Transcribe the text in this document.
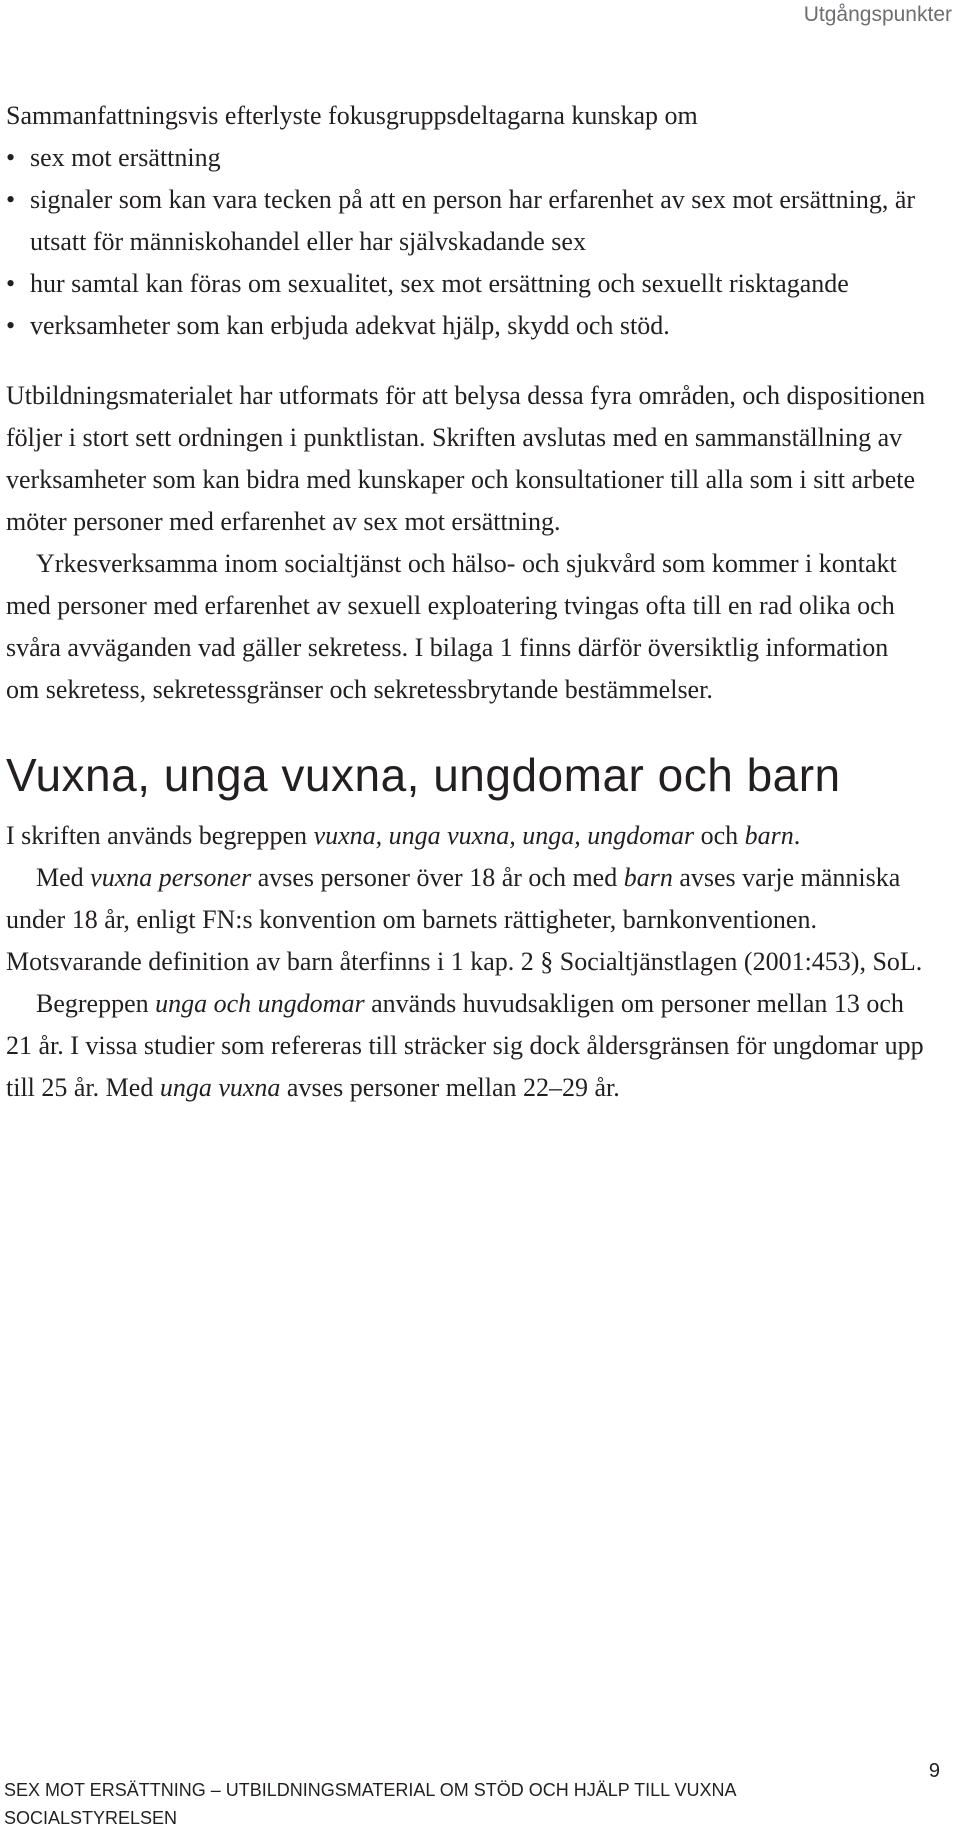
Utgångspunkter

Sammanfattningsvis efterlyste fokusgruppsdeltagarna kunskap om

• sex mot ersättning
• signaler som kan vara tecken på att en person har erfarenhet av sex mot ersättning, är utsatt för människohandel eller har självskadande sex
• hur samtal kan föras om sexualitet, sex mot ersättning och sexuellt risktagande
• verksamheter som kan erbjuda adekvat hjälp, skydd och stöd.

Utbildningsmaterialet har utformats för att belysa dessa fyra områden, och dispositionen följer i stort sett ordningen i punktlistan. Skriften avslutas med en sammanställning av verksamheter som kan bidra med kunskaper och konsultationer till alla som i sitt arbete möter personer med erfarenhet av sex mot ersättning.

Yrkesverksamma inom socialtjänst och hälso- och sjukvård som kommer i kontakt med personer med erfarenhet av sexuell exploatering tvingas ofta till en rad olika och svåra avväganden vad gäller sekretess. I bilaga 1 finns därför översiktlig information om sekretess, sekretessgränser och sekretessbrytande bestämmelser.

Vuxna, unga vuxna, ungdomar och barn

I skriften används begreppen vuxna, unga vuxna, unga, ungdomar och barn.

Med vuxna personer avses personer över 18 år och med barn avses varje människa under 18 år, enligt FN:s konvention om barnets rättigheter, barnkonventionen. Motsvarande definition av barn återfinns i 1 kap. 2 § Socialtjänstlagen (2001:453), SoL.

Begreppen unga och ungdomar används huvudsakligen om personer mellan 13 och 21 år. I vissa studier som refereras till sträcker sig dock åldersgränsen för ungdomar upp till 25 år. Med unga vuxna avses personer mellan 22–29 år.

SEX MOT ERSÄTTNING – UTBILDNINGSMATERIAL OM STÖD OCH HJÄLP TILL VUXNA
SOCIALSTYRELSEN
9
